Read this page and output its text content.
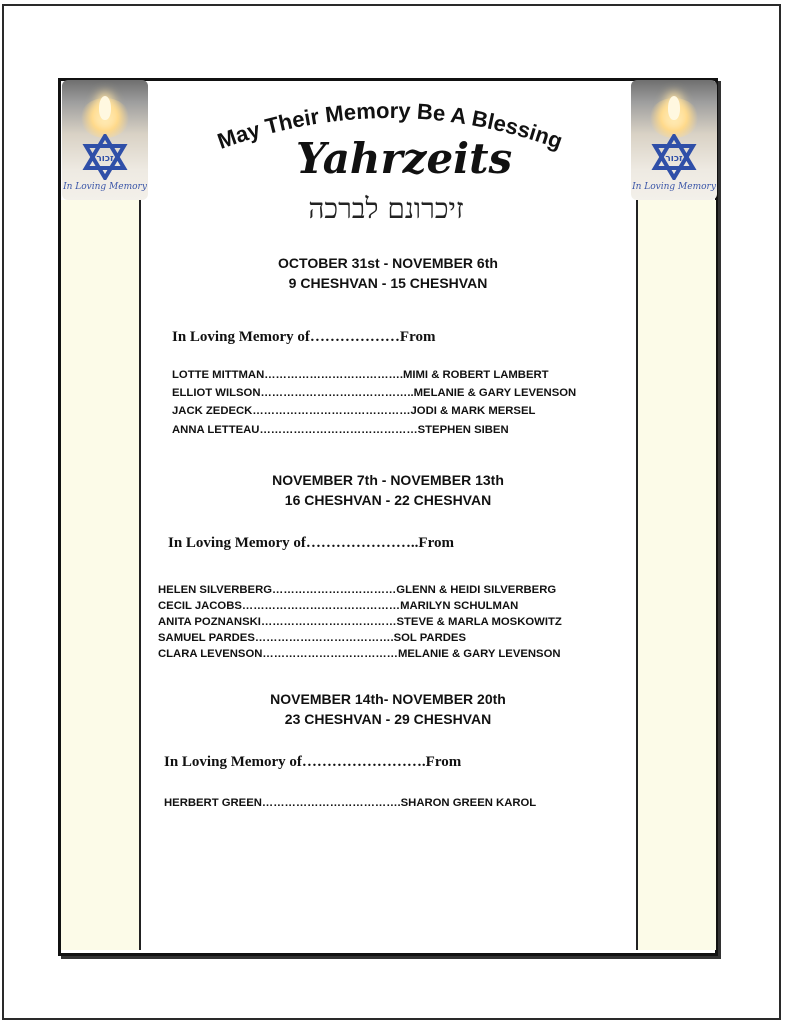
זכור
In Loving Memory
זכור
In Loving Memory
May Their Memory Be A Blessing
Yahrzeits
זיכרונם לברכה
OCTOBER 31st - NOVEMBER 6th
9 CHESHVAN - 15 CHESHVAN
In Loving Memory of………………From
LOTTE MITTMAN……………………………….MIMI & ROBERT LAMBERT
ELLIOT WILSON…………………………………..MELANIE & GARY LEVENSON
JACK ZEDECK……………………………………JODI & MARK MERSEL
ANNA LETTEAU……………………………………STEPHEN SIBEN
NOVEMBER 7th - NOVEMBER 13th
16 CHESHVAN - 22 CHESHVAN
In Loving Memory of…………………..From
HELEN SILVERBERG……………………………GLENN & HEIDI SILVERBERG
CECIL JACOBS……………………………………MARILYN SCHULMAN
ANITA POZNANSKI………………………………STEVE & MARLA MOSKOWITZ
SAMUEL PARDES……………………………….SOL PARDES
CLARA LEVENSON………………………………MELANIE & GARY LEVENSON
NOVEMBER 14th- NOVEMBER 20th
23 CHESHVAN - 29 CHESHVAN
In Loving Memory of…………………….From
HERBERT GREEN……………………………….SHARON GREEN KAROL
